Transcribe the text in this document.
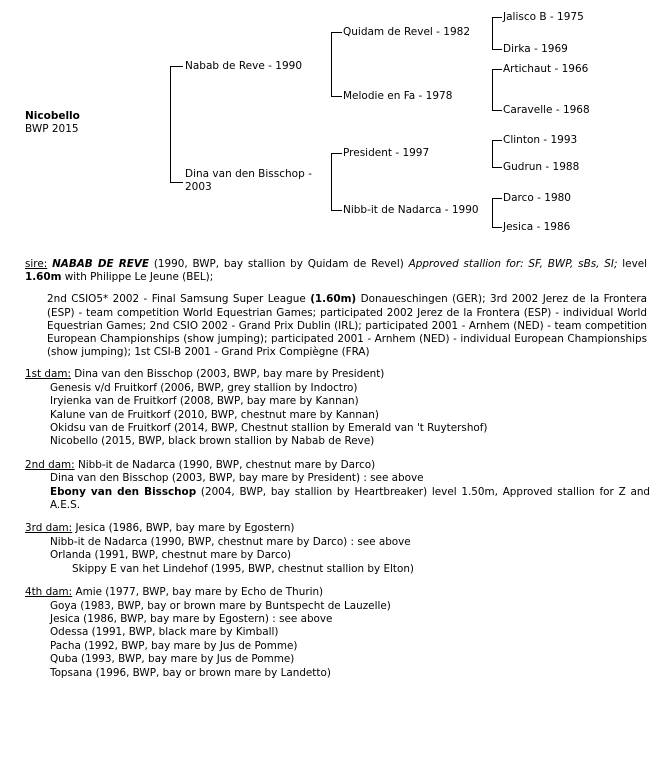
Nicobello
BWP 2015
Nabab de Reve - 1990
Dina van den Bisschop - 2003
Quidam de Revel - 1982
Melodie en Fa - 1978
President - 1997
Nibb-it de Nadarca - 1990
Jalisco B - 1975
Dirka - 1969
Artichaut - 1966
Caravelle - 1968
Clinton - 1993
Gudrun - 1988
Darco - 1980
Jesica - 1986
sire: NABAB DE REVE (1990, BWP, bay stallion by Quidam de Revel) Approved stallion for: SF, BWP, sBs, SI; level 1.60m with Philippe Le Jeune (BEL);
2nd CSIO5* 2002 - Final Samsung Super League (1.60m) Donaueschingen (GER); 3rd 2002 Jerez de la Frontera (ESP) - team competition World Equestrian Games; participated 2002 Jerez de la Frontera (ESP) - individual World Equestrian Games; 2nd CSIO 2002 - Grand Prix Dublin (IRL); participated 2001 - Arnhem (NED) - team competition European Championships (show jumping); participated 2001 - Arnhem (NED) - individual European Championships (show jumping); 1st CSI-B 2001 - Grand Prix Compiègne (FRA)
1st dam: Dina van den Bisschop (2003, BWP, bay mare by President)
Genesis v/d Fruitkorf (2006, BWP, grey stallion by Indoctro)
Iryienka van de Fruitkorf (2008, BWP, bay mare by Kannan)
Kalune van de Fruitkorf (2010, BWP, chestnut mare by Kannan)
Okidsu van de Fruitkorf (2014, BWP, Chestnut stallion by Emerald van 't Ruytershof)
Nicobello (2015, BWP, black brown stallion by Nabab de Reve)
2nd dam: Nibb-it de Nadarca (1990, BWP, chestnut mare by Darco)
Dina van den Bisschop (2003, BWP, bay mare by President) : see above
Ebony van den Bisschop (2004, BWP, bay stallion by Heartbreaker) level 1.50m, Approved stallion for Z and A.E.S.
3rd dam: Jesica (1986, BWP, bay mare by Egostern)
Nibb-it de Nadarca (1990, BWP, chestnut mare by Darco) : see above
Orlanda (1991, BWP, chestnut mare by Darco)
Skippy E van het Lindehof (1995, BWP, chestnut stallion by Elton)
4th dam: Amie (1977, BWP, bay mare by Echo de Thurin)
Goya (1983, BWP, bay or brown mare by Buntspecht de Lauzelle)
Jesica (1986, BWP, bay mare by Egostern) : see above
Odessa (1991, BWP, black mare by Kimball)
Pacha (1992, BWP, bay mare by Jus de Pomme)
Quba (1993, BWP, bay mare by Jus de Pomme)
Topsana (1996, BWP, bay or brown mare by Landetto)
